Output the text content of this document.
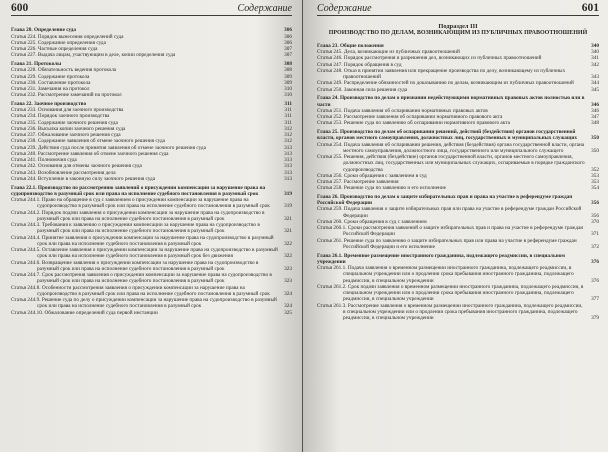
600	Содержание
Глава 20. Определение суда	306
Статья 224. Порядок вынесения определений суда	306
Статья 225. Содержание определения суда	306
Статья 226. Частные определения суда	307
Статья 227. Выдача лицам, участвующим в деле, копии определения суда	307
Глава 21. Протоколы	308
Статья 228. Обязательность ведения протокола	308
Статья 229. Содержание протокола	309
Статья 230. Составление протокола	309
Статья 231. Замечания на протокол	310
Статья 232. Рассмотрение замечаний на протокол	310
Глава 22. Заочное производство	311
Статья 233. Основания для заочного производства	311
Статья 234. Порядок заочного производства	311
Статья 235. Содержание заочного решения суда	311
Статья 236. Высылка копии заочного решения суда	312
Статья 237. Обжалование заочного решения суда	312
Статья 238. Содержание заявления об отмене заочного решения суда	312
Статья 239. Действия суда после принятия заявления об отмене заочного решения суда	313
Статья 240. Рассмотрение заявления об отмене заочного решения суда	313
Статья 241. Полномочия суда	313
Статья 242. Основания для отмены заочного решения суда	313
Статья 243. Возобновление рассмотрения дела	313
Статья 244. Вступление в законную силу заочного решения суда	313
Глава 22.1. Производство по рассмотрению заявлений о присуждении компенсации за нарушение права на судопроизводство в разумный срок или права на исполнение судебного постановления в разумный срок	319
Статья 244.1. Право на обращение в суд с заявлением о присуждении компенсации за нарушение права на судопроизводство в разумный срок или права на исполнение судебного постановления в разумный срок	319
Статья 244.2. Порядок подачи заявления о присуждении компенсации за нарушение права на судопроизводство в разумный срок или права на исполнение судебного постановления в разумный срок	321
Статья 244.3. Требования к заявлению о присуждении компенсации за нарушение права на судопроизводство в разумный срок или права на исполнение судебного постановления в разумный срок	321
Статья 244.4. Принятие заявления о присуждении компенсации за нарушение права на судопроизводство в разумный срок или права на исполнение судебного постановления в разумный срок	322
Статья 244.5. Оставление заявления о присуждении компенсации за нарушение права на судопроизводство в разумный срок или права на исполнение судебного постановления в разумный срок без движения	322
Статья 244.6. Возвращение заявления о присуждении компенсации за нарушение права на судопроизводство в разумный срок или права на исполнение судебного постановления в разумный срок	323
Статья 244.7. Срок рассмотрения заявления о присуждении компенсации за нарушение права на судопроизводство в разумный срок или права на исполнение судебного постановления в разумный срок	323
Статья 244.8. Особенности рассмотрения заявления о присуждении компенсации за нарушение права на судопроизводство в разумный срок или права на исполнение судебного постановления в разумный срок	324
Статья 244.9. Решение суда по делу о присуждении компенсации за нарушение права на судопроизводство в разумный срок или права на исполнение судебного постановления в разумный срок	324
Статья 244.10. Обжалование определений суда первой инстанции	325
Содержание	601
Подраздел III
ПРОИЗВОДСТВО ПО ДЕЛАМ, ВОЗНИКАЮЩИМ ИЗ ПУБЛИЧНЫХ ПРАВООТНОШЕНИЙ
Глава 23. Общие положения	340
Статья 245. Дела, возникающие из публичных правоотношений	340
Статья 246. Порядок рассмотрения и разрешения дел, возникающих из публичных правоотношений	341
Статья 247. Порядок обращения в суд	342
Статья 248. Отказ в принятии заявления или прекращение производства по делу, возникающему из публичных правоотношений	343
Статья 249. Распределение обязанностей по доказыванию по делам, возникающим из публичных правоотношений	344
Статья 250. Законная сила решения суда	345
Глава 24. Производство по делам о признании недействующими нормативных правовых актов полностью или в части	346
Статья 251. Подача заявления об оспаривании нормативных правовых актов	346
Статья 252. Рассмотрение заявления об оспаривании нормативного правового акта	347
Статья 253. Решение суда по заявлению об оспаривании нормативного правового акта	348
Глава 25. Производство по делам об оспаривании решений, действий (бездействия) органов государственной власти, органов местного самоуправления, должностных лиц, государственных и муниципальных служащих	350
Статья 254. Подача заявления об оспаривании решения, действия (бездействия) органа государственной власти, органа местного самоуправления, должностного лица, государственного или муниципального служащего	350
Статья 255. Решения, действия (бездействие) органов государственной власти, органов местного самоуправления, должностных лиц, государственных или муниципальных служащих, оспариваемые в порядке гражданского судопроизводства	352
Статья 256. Сроки обращения с заявлением в суд	353
Статья 257. Рассмотрение заявления	353
Статья 258. Решение суда по заявлению и его исполнение	354
Глава 26. Производство по делам о защите избирательных прав и права на участие в референдуме граждан Российской Федерации	356
Статья 259. Подача заявления о защите избирательных прав или права на участие в референдуме граждан Российской Федерации	356
Статья 260. Сроки обращения в суд с заявлением	370
Статья 260.1. Сроки рассмотрения заявлений о защите избирательных прав и права на участие в референдуме граждан Российской Федерации	371
Статья 261. Решение суда по заявлению о защите избирательных прав или права на участие в референдуме граждан Российской Федерации и его исполнение	372
Глава 26.1. Временное размещение иностранного гражданина, подлежащего реадмиссии, в специальном учреждении	376
Статья 261.1. Подача заявления о временном размещении иностранного гражданина, подлежащего реадмиссии, в специальном учреждении или о продлении срока пребывания иностранного гражданина, подлежащего реадмиссии, в специальном учреждении	376
Статья 261.2. Срок подачи заявления о временном размещении иностранного гражданина, подлежащего реадмиссии, в специальном учреждении или о продлении срока пребывания иностранного гражданина, подлежащего реадмиссии, в специальном учреждении	377
Статья 261.3. Рассмотрение заявления о временном размещении иностранного гражданина, подлежащего реадмиссии, в специальном учреждении или о продлении срока пребывания иностранного гражданина, подлежащего реадмиссии, в специальном учреждении	379
